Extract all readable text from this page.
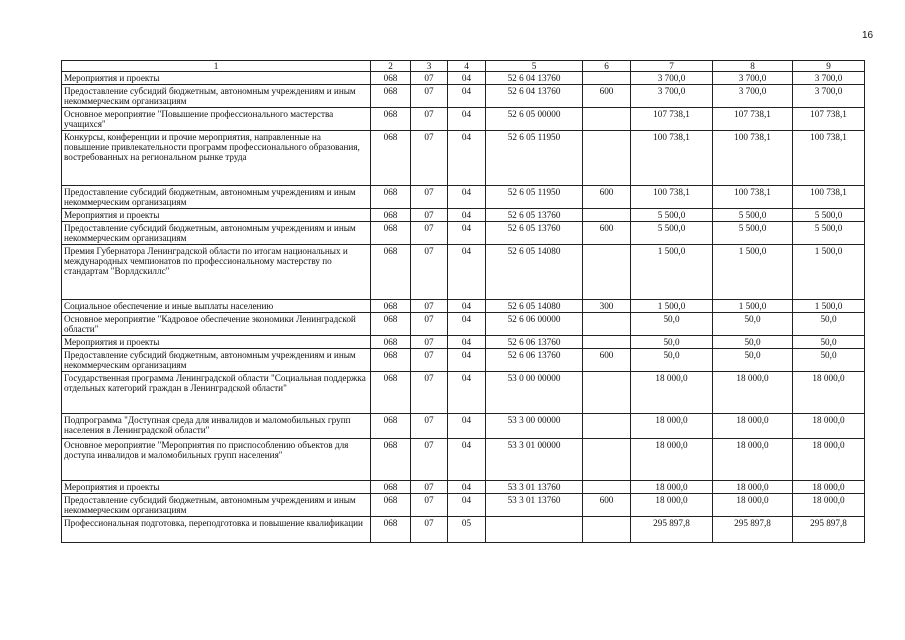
16
1	2	3	4	5	6	7	8	9
Мероприятия и проекты	068	07	04	52 6 04 13760		3 700,0	3 700,0	3 700,0
Предоставление субсидий бюджетным, автономным учреждениям и иным некоммерческим организациям	068	07	04	52 6 04 13760	600	3 700,0	3 700,0	3 700,0
Основное мероприятие "Повышение профессионального мастерства учащихся"	068	07	04	52 6 05 00000		107 738,1	107 738,1	107 738,1
Конкурсы, конференции и прочие мероприятия, направленные на повышение привлекательности программ профессионального образования, востребованных на региональном рынке труда	068	07	04	52 6 05 11950		100 738,1	100 738,1	100 738,1
Предоставление субсидий бюджетным, автономным учреждениям и иным некоммерческим организациям	068	07	04	52 6 05 11950	600	100 738,1	100 738,1	100 738,1
Мероприятия и проекты	068	07	04	52 6 05 13760		5 500,0	5 500,0	5 500,0
Предоставление субсидий бюджетным, автономным учреждениям и иным некоммерческим организациям	068	07	04	52 6 05 13760	600	5 500,0	5 500,0	5 500,0
Премия Губернатора Ленинградской области по итогам национальных и международных чемпионатов по профессиональному мастерству по стандартам "Ворлдскиллс"	068	07	04	52 6 05 14080		1 500,0	1 500,0	1 500,0
Социальное обеспечение и иные выплаты населению	068	07	04	52 6 05 14080	300	1 500,0	1 500,0	1 500,0
Основное мероприятие "Кадровое обеспечение экономики Ленинградской области"	068	07	04	52 6 06 00000		50,0	50,0	50,0
Мероприятия и проекты	068	07	04	52 6 06 13760		50,0	50,0	50,0
Предоставление субсидий бюджетным, автономным учреждениям и иным некоммерческим организациям	068	07	04	52 6 06 13760	600	50,0	50,0	50,0
Государственная программа Ленинградской области "Социальная поддержка отдельных категорий граждан в Ленинградской области"	068	07	04	53 0 00 00000		18 000,0	18 000,0	18 000,0
Подпрограмма "Доступная среда для инвалидов и маломобильных групп населения в Ленинградской области"	068	07	04	53 3 00 00000		18 000,0	18 000,0	18 000,0
Основное мероприятие "Мероприятия по приспособлению объектов для доступа инвалидов и маломобильных групп населения"	068	07	04	53 3 01 00000		18 000,0	18 000,0	18 000,0
Мероприятия и проекты	068	07	04	53 3 01 13760		18 000,0	18 000,0	18 000,0
Предоставление субсидий бюджетным, автономным учреждениям и иным некоммерческим организациям	068	07	04	53 3 01 13760	600	18 000,0	18 000,0	18 000,0
Профессиональная подготовка, переподготовка и повышение квалификации	068	07	05			295 897,8	295 897,8	295 897,8
